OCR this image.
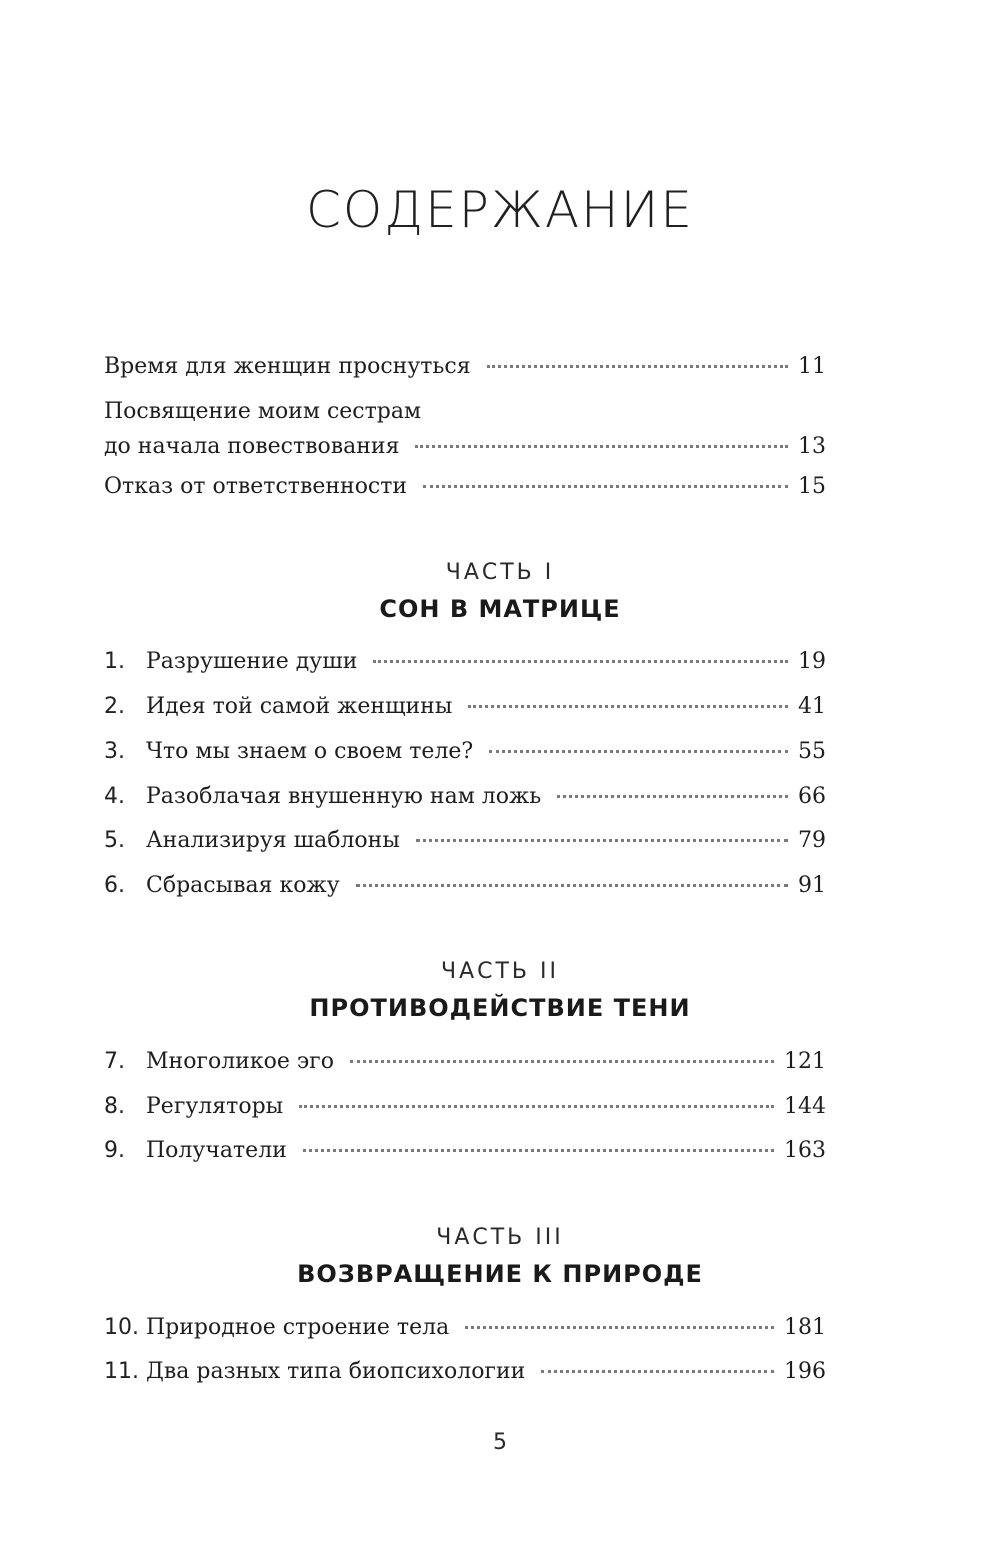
СОДЕРЖАНИЕ
Время для женщин проснуться	11
Посвящение моим сестрам
до начала повествования	13
Отказ от ответственности	15
ЧАСТЬ I
СОН В МАТРИЦЕ
1. Разрушение души	19
2. Идея той самой женщины	41
3. Что мы знаем о своем теле?	55
4. Разоблачая внушенную нам ложь	66
5. Анализируя шаблоны	79
6. Сбрасывая кожу	91
ЧАСТЬ II
ПРОТИВОДЕЙСТВИЕ ТЕНИ
7. Многоликое эго	121
8. Регуляторы	144
9. Получатели	163
ЧАСТЬ III
ВОЗВРАЩЕНИЕ К ПРИРОДЕ
10. Природное строение тела	181
11. Два разных типа биопсихологии	196
5
